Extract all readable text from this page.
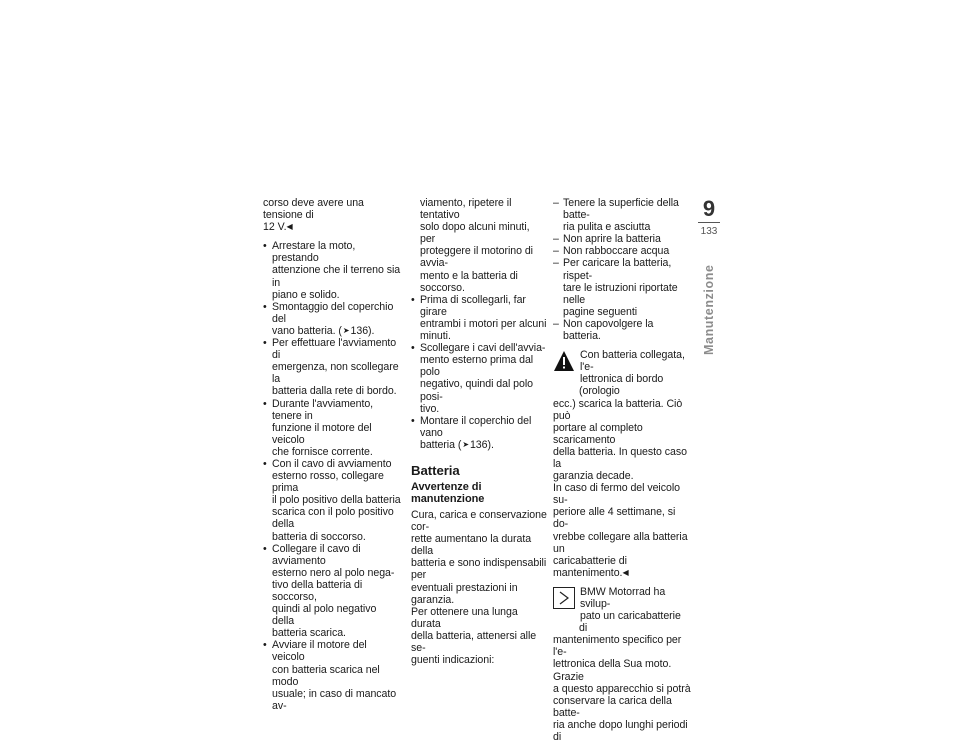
corso deve avere una tensione di
12 V.◀

• Arrestare la moto, prestando
attenzione che il terreno sia in
piano e solido.

• Smontaggio del coperchio del
vano batteria. (➤136).

• Per effettuare l'avviamento di
emergenza, non scollegare la
batteria dalla rete di bordo.

• Durante l'avviamento, tenere in
funzione il motore del veicolo
che fornisce corrente.

• Con il cavo di avviamento
esterno rosso, collegare prima
il polo positivo della batteria
scarica con il polo positivo della
batteria di soccorso.

• Collegare il cavo di avviamento
esterno nero al polo nega-
tivo della batteria di soccorso,
quindi al polo negativo della
batteria scarica.

• Avviare il motore del veicolo
con batteria scarica nel modo
usuale; in caso di mancato av-

viamento, ripetere il tentativo
solo dopo alcuni minuti, per
proteggere il motorino di avvia-
mento e la batteria di soccorso.

• Prima di scollegarli, far girare
entrambi i motori per alcuni
minuti.

• Scollegare i cavi dell'avvia-
mento esterno prima dal polo
negativo, quindi dal polo posi-
tivo.

• Montare il coperchio del vano
batteria (➤136).

Batteria
Avvertenze di
manutenzione

Cura, carica e conservazione cor-
rette aumentano la durata della
batteria e sono indispensabili per
eventuali prestazioni in garanzia.
Per ottenere una lunga durata
della batteria, attenersi alle se-
guenti indicazioni:

– Tenere la superficie della batte-
ria pulita e asciutta

– Non aprire la batteria

– Non rabboccare acqua

– Per caricare la batteria, rispet-
tare le istruzioni riportate nelle
pagine seguenti

– Non capovolgere la batteria.

Con batteria collegata, l'e-
lettronica di bordo (orologio

ecc.) scarica la batteria. Ciò può
portare al completo scaricamento
della batteria. In questo caso la
garanzia decade.
In caso di fermo del veicolo su-
periore alle 4 settimane, si do-
vrebbe collegare alla batteria un
caricabatterie di mantenimento.◀

BMW Motorrad ha svilup-
pato un caricabatterie di

mantenimento specifico per l'e-
lettronica della Sua moto. Grazie
a questo apparecchio si potrà
conservare la carica della batte-
ria anche dopo lunghi periodi di

9
133
Manutenzione
